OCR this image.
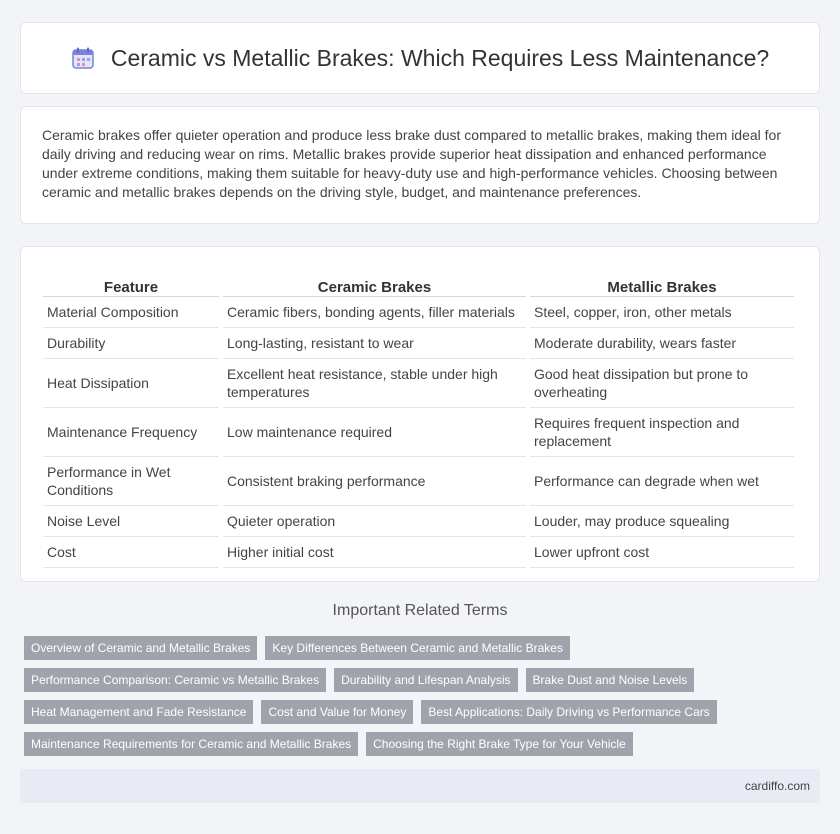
Ceramic vs Metallic Brakes: Which Requires Less Maintenance?
Ceramic brakes offer quieter operation and produce less brake dust compared to metallic brakes, making them ideal for daily driving and reducing wear on rims. Metallic brakes provide superior heat dissipation and enhanced performance under extreme conditions, making them suitable for heavy-duty use and high-performance vehicles. Choosing between ceramic and metallic brakes depends on the driving style, budget, and maintenance preferences.
Feature	Ceramic Brakes	Metallic Brakes
Material Composition	Ceramic fibers, bonding agents, filler materials	Steel, copper, iron, other metals
Durability	Long-lasting, resistant to wear	Moderate durability, wears faster
Heat Dissipation	Excellent heat resistance, stable under high temperatures	Good heat dissipation but prone to overheating
Maintenance Frequency	Low maintenance required	Requires frequent inspection and replacement
Performance in Wet Conditions	Consistent braking performance	Performance can degrade when wet
Noise Level	Quieter operation	Louder, may produce squealing
Cost	Higher initial cost	Lower upfront cost
Important Related Terms
Overview of Ceramic and Metallic Brakes	Key Differences Between Ceramic and Metallic Brakes
Performance Comparison: Ceramic vs Metallic Brakes	Durability and Lifespan Analysis	Brake Dust and Noise Levels
Heat Management and Fade Resistance	Cost and Value for Money	Best Applications: Daily Driving vs Performance Cars
Maintenance Requirements for Ceramic and Metallic Brakes	Choosing the Right Brake Type for Your Vehicle
cardiffo.com
